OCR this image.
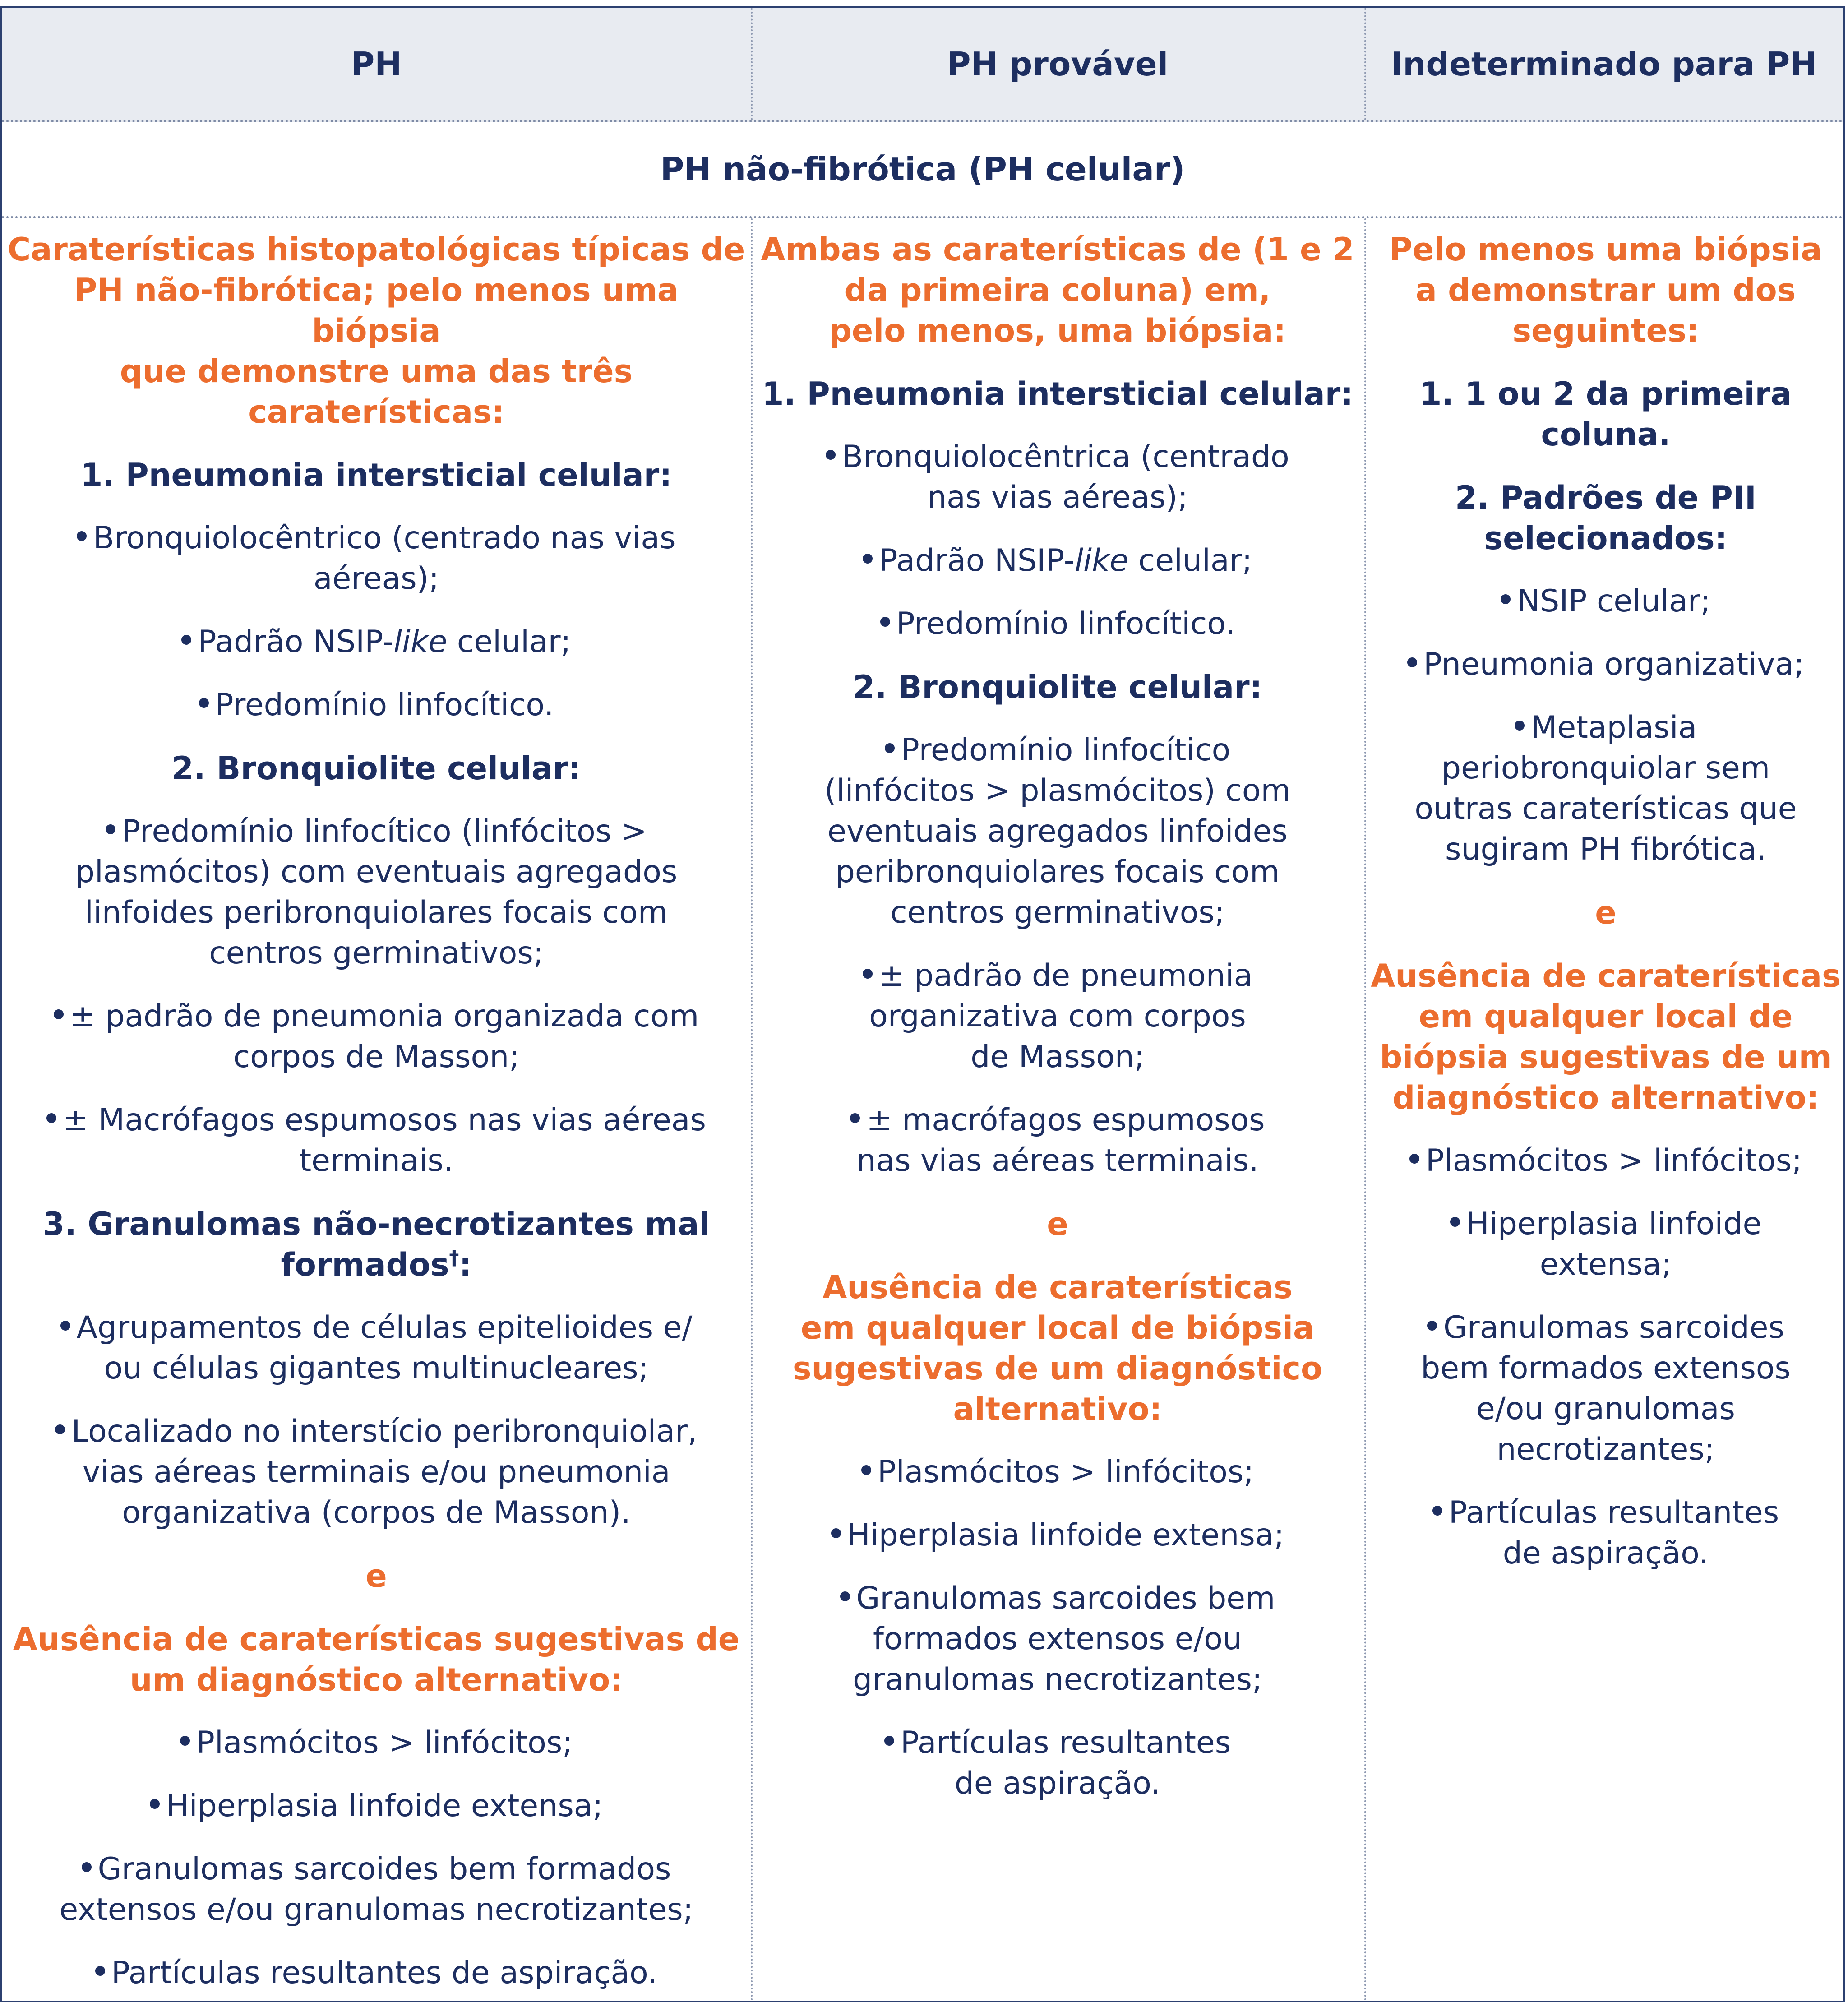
PH	PH provável	Indeterminado para PH
PH não-fibrótica (PH celular)

Caraterísticas histopatológicas típicas de
PH não-fibrótica; pelo menos uma biópsia
que demonstre uma das três caraterísticas:

1. Pneumonia intersticial celular:

Bronquiolocêntrico (centrado nas vias
aéreas);

Padrão NSIP-like celular;

Predomínio linfocítico.

2. Bronquiolite celular:

Predomínio linfocítico (linfócitos >
plasmócitos) com eventuais agregados
linfoides peribronquiolares focais com
centros germinativos;

± padrão de pneumonia organizada com
corpos de Masson;

± Macrófagos espumosos nas vias aéreas
terminais.

3. Granulomas não-necrotizantes mal
formados†:

Agrupamentos de células epitelioides e/
ou células gigantes multinucleares;

Localizado no interstício peribronquiolar,
vias aéreas terminais e/ou pneumonia
organizativa (corpos de Masson).

e

Ausência de caraterísticas sugestivas de
um diagnóstico alternativo:

Plasmócitos > linfócitos;

Hiperplasia linfoide extensa;

Granulomas sarcoides bem formados
extensos e/ou granulomas necrotizantes;

Partículas resultantes de aspiração.

Ambas as caraterísticas de (1 e 2
da primeira coluna) em,
pelo menos, uma biópsia:

1. Pneumonia intersticial celular:

Bronquiolocêntrica (centrado
nas vias aéreas);

Padrão NSIP-like celular;

Predomínio linfocítico.

2. Bronquiolite celular:

Predomínio linfocítico
(linfócitos > plasmócitos) com
eventuais agregados linfoides
peribronquiolares focais com
centros germinativos;

± padrão de pneumonia
organizativa com corpos
de Masson;

± macrófagos espumosos
nas vias aéreas terminais.

e

Ausência de caraterísticas
em qualquer local de biópsia
sugestivas de um diagnóstico
alternativo:

Plasmócitos > linfócitos;

Hiperplasia linfoide extensa;

Granulomas sarcoides bem
formados extensos e/ou
granulomas necrotizantes;

Partículas resultantes
de aspiração.

Pelo menos uma biópsia
a demonstrar um dos
seguintes:

1. 1 ou 2 da primeira
coluna.

2. Padrões de PII
selecionados:

NSIP celular;

Pneumonia organizativa;

Metaplasia
periobronquiolar sem
outras caraterísticas que
sugiram PH fibrótica.

e

Ausência de caraterísticas
em qualquer local de
biópsia sugestivas de um
diagnóstico alternativo:

Plasmócitos > linfócitos;

Hiperplasia linfoide
extensa;

Granulomas sarcoides
bem formados extensos
e/ou granulomas
necrotizantes;

Partículas resultantes
de aspiração.
